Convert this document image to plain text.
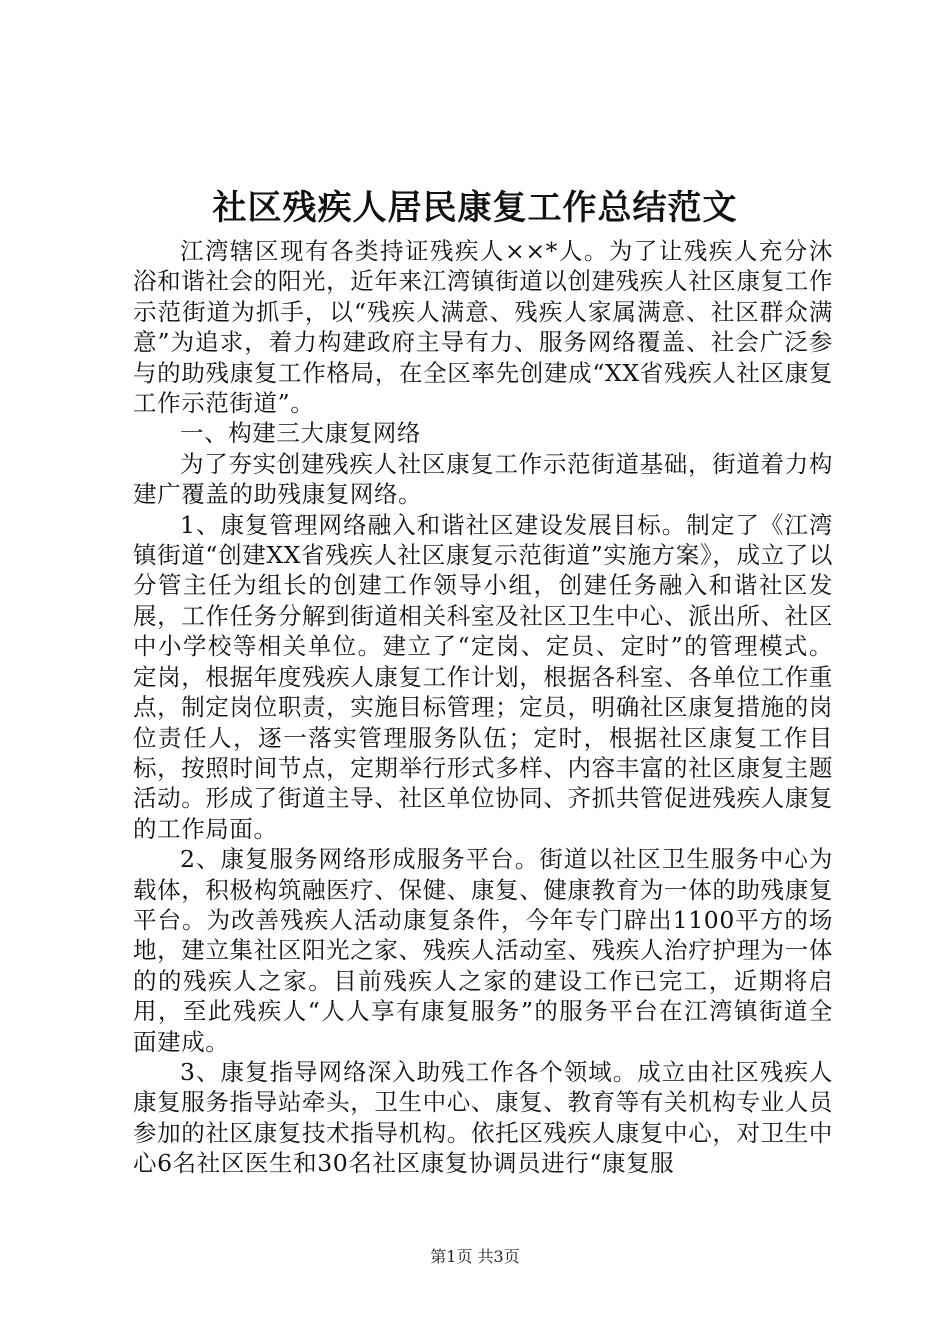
社区残疾人居民康复工作总结范文

江湾辖区现有各类持证残疾人××*人。为了让残疾人充分沐浴和谐社会的阳光，近年来江湾镇街道以创建残疾人社区康复工作示范街道为抓手，以“残疾人满意、残疾人家属满意、社区群众满意”为追求，着力构建政府主导有力、服务网络覆盖、社会广泛参与的助残康复工作格局，在全区率先创建成“XX省残疾人社区康复工作示范街道”。

一、构建三大康复网络

为了夯实创建残疾人社区康复工作示范街道基础，街道着力构建广覆盖的助残康复网络。

1、康复管理网络融入和谐社区建设发展目标。制定了《江湾镇街道“创建XX省残疾人社区康复示范街道”实施方案》，成立了以分管主任为组长的创建工作领导小组，创建任务融入和谐社区发展，工作任务分解到街道相关科室及社区卫生中心、派出所、社区中小学校等相关单位。建立了“定岗、定员、定时”的管理模式。定岗，根据年度残疾人康复工作计划，根据各科室、各单位工作重点，制定岗位职责，实施目标管理；定员，明确社区康复措施的岗位责任人，逐一落实管理服务队伍；定时，根据社区康复工作目标，按照时间节点，定期举行形式多样、内容丰富的社区康复主题活动。形成了街道主导、社区单位协同、齐抓共管促进残疾人康复的工作局面。

2、康复服务网络形成服务平台。街道以社区卫生服务中心为载体，积极构筑融医疗、保健、康复、健康教育为一体的助残康复平台。为改善残疾人活动康复条件，今年专门辟出1100平方的场地，建立集社区阳光之家、残疾人活动室、残疾人治疗护理为一体的的残疾人之家。目前残疾人之家的建设工作已完工，近期将启用，至此残疾人“人人享有康复服务”的服务平台在江湾镇街道全面建成。

3、康复指导网络深入助残工作各个领域。成立由社区残疾人康复服务指导站牵头，卫生中心、康复、教育等有关机构专业人员参加的社区康复技术指导机构。依托区残疾人康复中心，对卫生中心6名社区医生和30名社区康复协调员进行“康复服

第1页 共3页
